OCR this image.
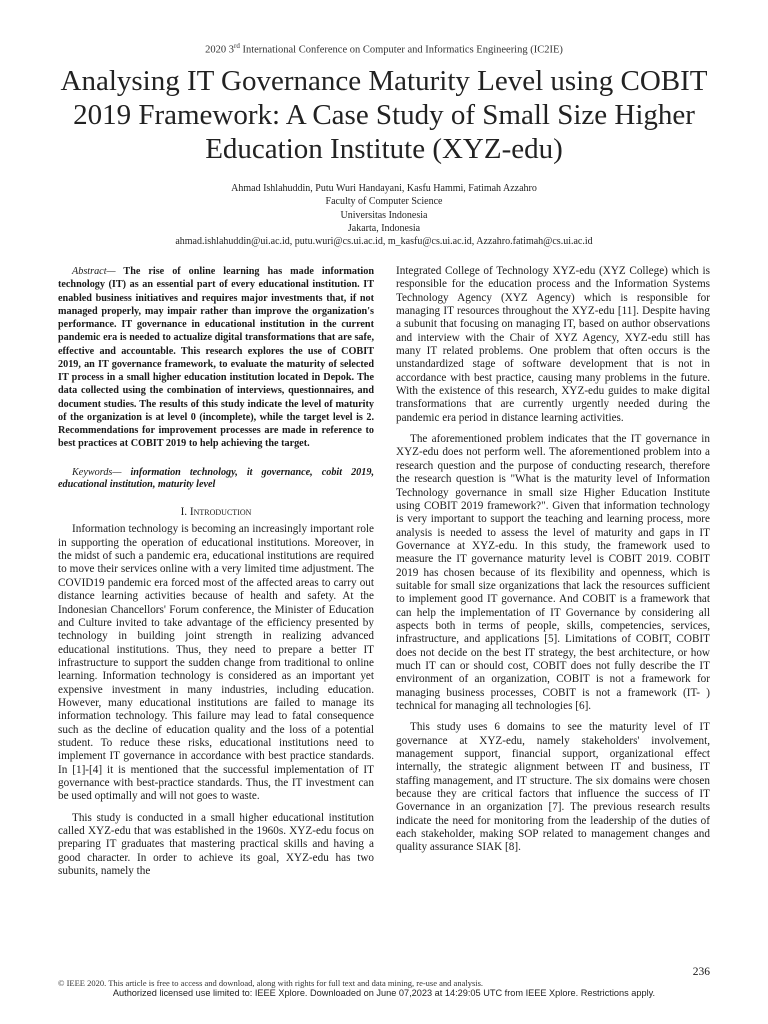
2020 3rd International Conference on Computer and Informatics Engineering (IC2IE)
Analysing IT Governance Maturity Level using COBIT 2019 Framework: A Case Study of Small Size Higher Education Institute (XYZ-edu)
Ahmad Ishlahuddin, Putu Wuri Handayani, Kasfu Hammi, Fatimah Azzahro
Faculty of Computer Science
Universitas Indonesia
Jakarta, Indonesia
ahmad.ishlahuddin@ui.ac.id, putu.wuri@cs.ui.ac.id, m_kasfu@cs.ui.ac.id, Azzahro.fatimah@cs.ui.ac.id

Abstract— The rise of online learning has made information technology (IT) as an essential part of every educational institution. IT enabled business initiatives and requires major investments that, if not managed properly, may impair rather than improve the organization's performance. IT governance in educational institution in the current pandemic era is needed to actualize digital transformations that are safe, effective and accountable. This research explores the use of COBIT 2019, an IT governance framework, to evaluate the maturity of selected IT process in a small higher education institution located in Depok. The data collected using the combination of interviews, questionnaires, and document studies. The results of this study indicate the level of maturity of the organization is at level 0 (incomplete), while the target level is 2. Recommendations for improvement processes are made in reference to best practices at COBIT 2019 to help achieving the target.

Keywords— information technology, it governance, cobit 2019, educational institution, maturity level

I. Introduction

Information technology is becoming an increasingly important role in supporting the operation of educational institutions. Moreover, in the midst of such a pandemic era, educational institutions are required to move their services online with a very limited time adjustment. The COVID19 pandemic era forced most of the affected areas to carry out distance learning activities because of health and safety. At the Indonesian Chancellors' Forum conference, the Minister of Education and Culture invited to take advantage of the efficiency presented by technology in building joint strength in realizing advanced educational institutions. Thus, they need to prepare a better IT infrastructure to support the sudden change from traditional to online learning. Information technology is considered as an important yet expensive investment in many industries, including education. However, many educational institutions are failed to manage its information technology. This failure may lead to fatal consequence such as the decline of education quality and the loss of a potential student. To reduce these risks, educational institutions need to implement IT governance in accordance with best practice standards. In [1]-[4] it is mentioned that the successful implementation of IT governance with best-practice standards. Thus, the IT investment can be used optimally and will not goes to waste.

This study is conducted in a small higher educational institution called XYZ-edu that was established in the 1960s. XYZ-edu focus on preparing IT graduates that mastering practical skills and having a good character. In order to achieve its goal, XYZ-edu has two subunits, namely the

Integrated College of Technology XYZ-edu (XYZ College) which is responsible for the education process and the Information Systems Technology Agency (XYZ Agency) which is responsible for managing IT resources throughout the XYZ-edu [11]. Despite having a subunit that focusing on managing IT, based on author observations and interview with the Chair of XYZ Agency, XYZ-edu still has many IT related problems. One problem that often occurs is the unstandardized stage of software development that is not in accordance with best practice, causing many problems in the future. With the existence of this research, XYZ-edu guides to make digital transformations that are currently urgently needed during the pandemic era period in distance learning activities.

The aforementioned problem indicates that the IT governance in XYZ-edu does not perform well. The aforementioned problem into a research question and the purpose of conducting research, therefore the research question is "What is the maturity level of Information Technology governance in small size Higher Education Institute using COBIT 2019 framework?". Given that information technology is very important to support the teaching and learning process, more analysis is needed to assess the level of maturity and gaps in IT Governance at XYZ-edu. In this study, the framework used to measure the IT governance maturity level is COBIT 2019. COBIT 2019 has chosen because of its flexibility and openness, which is suitable for small size organizations that lack the resources sufficient to implement good IT governance. And COBIT is a framework that can help the implementation of IT Governance by considering all aspects both in terms of people, skills, competencies, services, infrastructure, and applications [5]. Limitations of COBIT, COBIT does not decide on the best IT strategy, the best architecture, or how much IT can or should cost, COBIT does not fully describe the IT environment of an organization, COBIT is not a framework for managing business processes, COBIT is not a framework (IT- ) technical for managing all technologies [6].

This study uses 6 domains to see the maturity level of IT governance at XYZ-edu, namely stakeholders' involvement, management support, financial support, organizational effect internally, the strategic alignment between IT and business, IT staffing management, and IT structure. The six domains were chosen because they are critical factors that influence the success of IT Governance in an organization [7]. The previous research results indicate the need for monitoring from the leadership of the duties of each stakeholder, making SOP related to management changes and quality assurance SIAK [8].

236
© IEEE 2020. This article is free to access and download, along with rights for full text and data mining, re-use and analysis.
Authorized licensed use limited to: IEEE Xplore. Downloaded on June 07,2023 at 14:29:05 UTC from IEEE Xplore. Restrictions apply.
